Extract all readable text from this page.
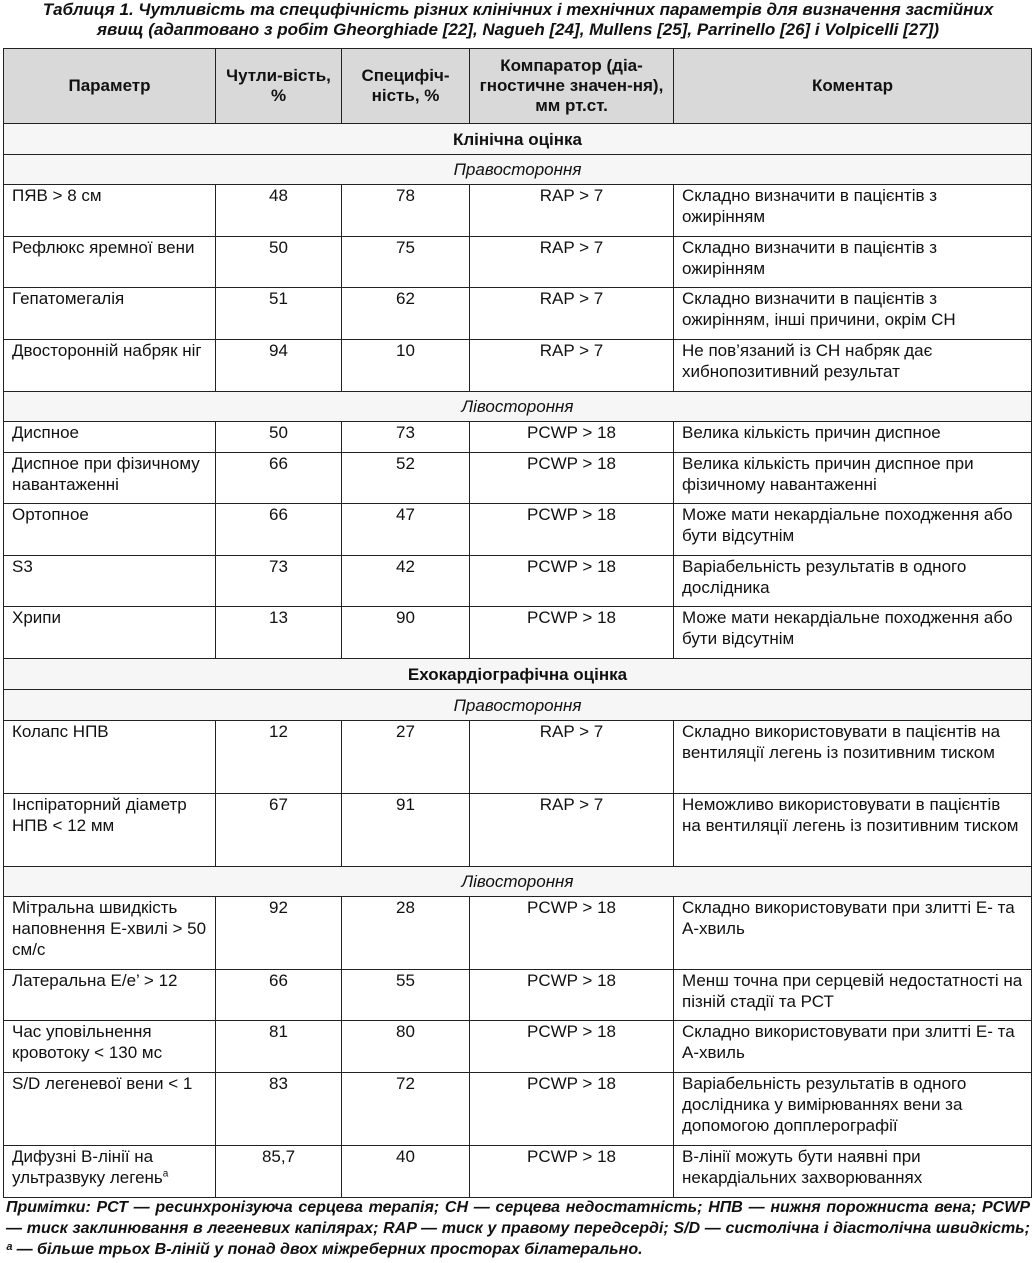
Таблиця 1. Чутливість та специфічність різних клінічних і технічних параметрів для визначення застійних
явищ (адаптовано з робіт Gheorghiade [22], Nagueh [24], Mullens [25], Parrinello [26] і Volpicelli [27])
Параметр	Чутли-вість, %	Специфіч-ність, %	Компаратор (діа-гностичне значен-ня), мм рт.ст.	Коментар
Клінічна оцінка				
Правостороння				
ПЯВ > 8 см	48	78	RAP > 7	Складно визначити в пацієнтів з ожирінням
Рефлюкс яремної вени	50	75	RAP > 7	Складно визначити в пацієнтів з ожирінням
Гепатомегалія	51	62	RAP > 7	Складно визначити в пацієнтів з ожирінням, інші причини, окрім СН
Двосторонній набряк ніг	94	10	RAP > 7	Не пов’язаний із СН набряк дає хибнопозитивний результат
Лівостороння				
Диспное	50	73	PCWP > 18	Велика кількість причин диспное
Диспное при фізичному навантаженні	66	52	PCWP > 18	Велика кількість причин диспное при фізичному навантаженні
Ортопное	66	47	PCWP > 18	Може мати некардіальне походження або бути відсутнім
S3	73	42	PCWP > 18	Варіабельність результатів в одного дослідника
Хрипи	13	90	PCWP > 18	Може мати некардіальне походження або бути відсутнім
Ехокардіографічна оцінка				
Правостороння				
Колапс НПВ	12	27	RAP > 7	Складно використовувати в пацієнтів на вентиляції легень із позитивним тиском
Інспіраторний діаметр НПВ < 12 мм	67	91	RAP > 7	Неможливо використовувати в пацієнтів на вентиляції легень із позитивним тиском
Лівостороння				
Мітральна швидкість наповнення Е-хвилі > 50 см/с	92	28	PCWP > 18	Складно використовувати при злитті Е- та А-хвиль
Латеральна Е/е’ > 12	66	55	PCWP > 18	Менш точна при серцевій недостатності на пізній стадії та РСТ
Час уповільнення кровотоку < 130 мс	81	80	PCWP > 18	Складно використовувати при злитті Е- та А-хвиль
S/D легеневої вени < 1	83	72	PCWP > 18	Варіабельність результатів в одного дослідника у вимірюваннях вени за допомогою допплерографії
Дифузні В-лінії на ультразвуку легень$^а$	85,7	40	PCWP > 18	В-лінії можуть бути наявні при некардіальних захворюваннях
Примітки: РСТ — ресинхронізуюча серцева терапія; СН — серцева недостатність; НПВ — нижня порожниста вена; PCWP — тиск заклинювання в легеневих капілярах; RAP — тиск у правому передсерді; S/D — систолічна і діастолічна швидкість; ᵃ — більше трьох В-ліній у понад двох міжреберних просторах білатерально.
